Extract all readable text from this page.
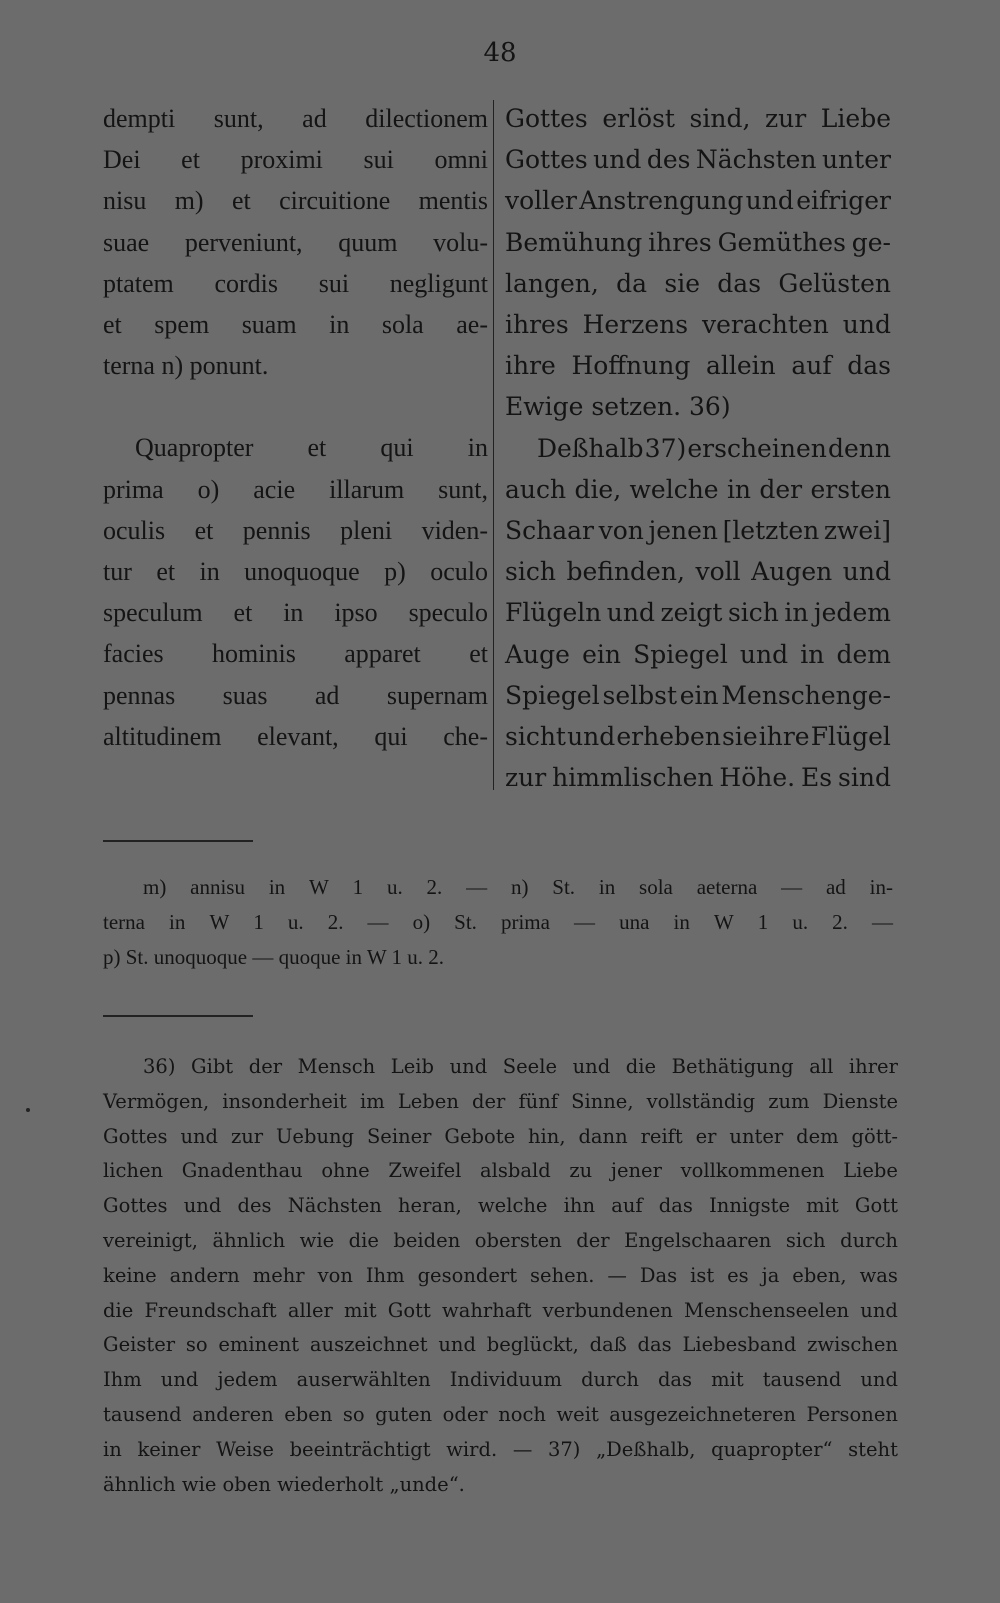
48
dempti sunt, ad dilectionem
Dei et proximi sui omni
nisu m) et circuitione mentis
suae perveniunt, quum volu-
ptatem cordis sui negligunt
et spem suam in sola ae-
terna n) ponunt.
Quapropter et qui in
prima o) acie illarum sunt,
oculis et pennis pleni viden-
tur et in unoquoque p) oculo
speculum et in ipso speculo
facies hominis apparet et
pennas suas ad supernam
altitudinem elevant, qui che-
Gottes erlöst sind, zur Liebe
Gottes und des Nächsten unter
voller Anstrengung und eifriger
Bemühung ihres Gemüthes ge-
langen, da sie das Gelüsten
ihres Herzens verachten und
ihre Hoffnung allein auf das
Ewige setzen. 36)
Deßhalb 37) erscheinen denn
auch die, welche in der ersten
Schaar von jenen [letzten zwei]
sich befinden, voll Augen und
Flügeln und zeigt sich in jedem
Auge ein Spiegel und in dem
Spiegel selbst ein Menschenge-
sicht und erheben sie ihre Flügel
zur himmlischen Höhe. Es sind
m) annisu in W 1 u. 2. — n) St. in sola aeterna — ad in-
terna in W 1 u. 2. — o) St. prima — una in W 1 u. 2. —
p) St. unoquoque — quoque in W 1 u. 2.
36) Gibt der Mensch Leib und Seele und die Bethätigung all ihrer
Vermögen, insonderheit im Leben der fünf Sinne, vollständig zum Dienste
Gottes und zur Uebung Seiner Gebote hin, dann reift er unter dem gött-
lichen Gnadenthau ohne Zweifel alsbald zu jener vollkommenen Liebe
Gottes und des Nächsten heran, welche ihn auf das Innigste mit Gott
vereinigt, ähnlich wie die beiden obersten der Engelschaaren sich durch
keine andern mehr von Ihm gesondert sehen. — Das ist es ja eben, was
die Freundschaft aller mit Gott wahrhaft verbundenen Menschenseelen und
Geister so eminent auszeichnet und beglückt, daß das Liebesband zwischen
Ihm und jedem auserwählten Individuum durch das mit tausend und
tausend anderen eben so guten oder noch weit ausgezeichneteren Personen
in keiner Weise beeinträchtigt wird. — 37) „Deßhalb, quapropter“ steht
ähnlich wie oben wiederholt „unde“.
